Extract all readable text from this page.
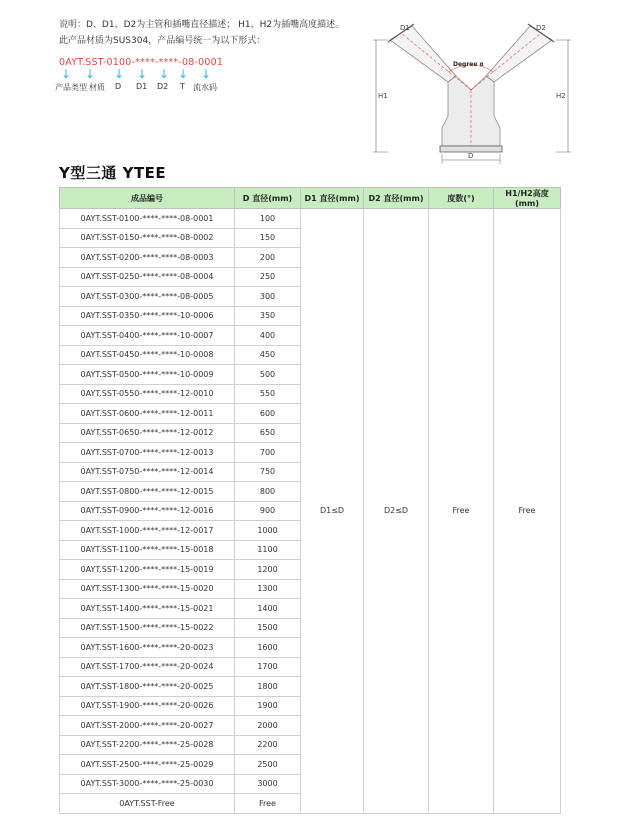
说明：D、D1、D2为主管和插嘴直径描述； H1、H2为插嘴高度描述。
此产品材质为SUS304，产品编号统一为以下形式：
0AYT.SST-0100-****-****-08-0001
↓ ↓ ↓ ↓ ↓ ↓ ↓
产品类型 材质 D D1 D2 T 流水码
D1	D2
H1	H2
D
Degree α
Y型三通 YTEE
成品编号	D 直径(mm)	D1 直径(mm)	D2 直径(mm)	度数(°)	H1/H2高度(mm)
0AYT.SST-0100-****-****-08-0001	100	D1≤D	D2≤D	Free	Free
0AYT.SST-0150-****-****-08-0002	150				
0AYT.SST-0200-****-****-08-0003	200				
0AYT.SST-0250-****-****-08-0004	250				
0AYT.SST-0300-****-****-08-0005	300				
0AYT.SST-0350-****-****-10-0006	350				
0AYT.SST-0400-****-****-10-0007	400				
0AYT.SST-0450-****-****-10-0008	450				
0AYT.SST-0500-****-****-10-0009	500				
0AYT.SST-0550-****-****-12-0010	550				
0AYT.SST-0600-****-****-12-0011	600				
0AYT.SST-0650-****-****-12-0012	650				
0AYT.SST-0700-****-****-12-0013	700				
0AYT.SST-0750-****-****-12-0014	750				
0AYT.SST-0800-****-****-12-0015	800				
0AYT.SST-0900-****-****-12-0016	900				
0AYT.SST-1000-****-****-12-0017	1000				
0AYT.SST-1100-****-****-15-0018	1100				
0AYT.SST-1200-****-****-15-0019	1200				
0AYT.SST-1300-****-****-15-0020	1300				
0AYT.SST-1400-****-****-15-0021	1400				
0AYT.SST-1500-****-****-15-0022	1500				
0AYT.SST-1600-****-****-20-0023	1600				
0AYT.SST-1700-****-****-20-0024	1700				
0AYT.SST-1800-****-****-20-0025	1800				
0AYT.SST-1900-****-****-20-0026	1900				
0AYT.SST-2000-****-****-20-0027	2000				
0AYT.SST-2200-****-****-25-0028	2200				
0AYT.SST-2500-****-****-25-0029	2500				
0AYT.SST-3000-****-****-25-0030	3000				
0AYT.SST-Free	Free				
